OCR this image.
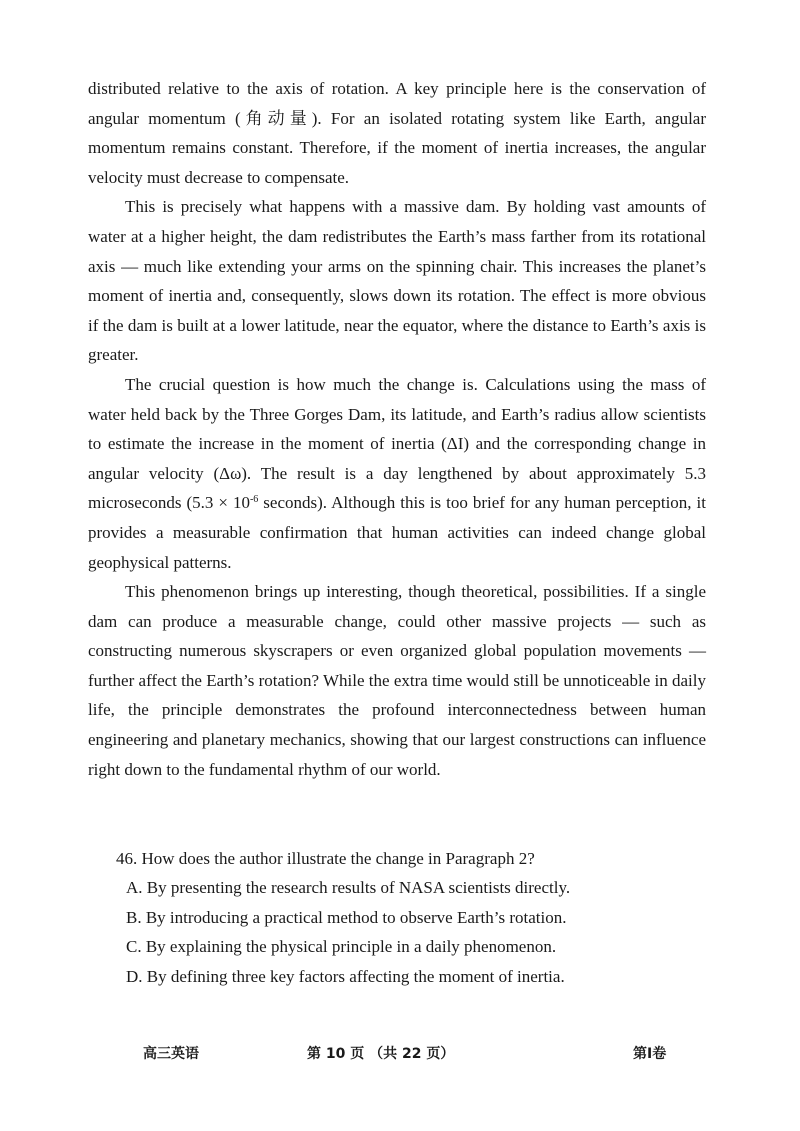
distributed relative to the axis of rotation. A key principle here is the conservation of angular momentum (角动量). For an isolated rotating system like Earth, angular momentum remains constant. Therefore, if the moment of inertia increases, the angular velocity must decrease to compensate.

This is precisely what happens with a massive dam. By holding vast amounts of water at a higher height, the dam redistributes the Earth’s mass farther from its rotational axis — much like extending your arms on the spinning chair. This increases the planet’s moment of inertia and, consequently, slows down its rotation. The effect is more obvious if the dam is built at a lower latitude, near the equator, where the distance to Earth’s axis is greater.

The crucial question is how much the change is. Calculations using the mass of water held back by the Three Gorges Dam, its latitude, and Earth’s radius allow scientists to estimate the increase in the moment of inertia (ΔI) and the corresponding change in angular velocity (Δω). The result is a day lengthened by about approximately 5.3 microseconds ($5.3 \times 10^{-6}$ seconds). Although this is too brief for any human perception, it provides a measurable confirmation that human activities can indeed change global geophysical patterns.

This phenomenon brings up interesting, though theoretical, possibilities. If a single dam can produce a measurable change, could other massive projects — such as constructing numerous skyscrapers or even organized global population movements — further affect the Earth’s rotation? While the extra time would still be unnoticeable in daily life, the principle demonstrates the profound interconnectedness between human engineering and planetary mechanics, showing that our largest constructions can influence right down to the fundamental rhythm of our world.

46. How does the author illustrate the change in Paragraph 2?

A. By presenting the research results of NASA scientists directly.

B. By introducing a practical method to observe Earth’s rotation.

C. By explaining the physical principle in a daily phenomenon.

D. By defining three key factors affecting the moment of inertia.

高三英语	第 10 页 （共 22 页）	第Ⅰ卷
